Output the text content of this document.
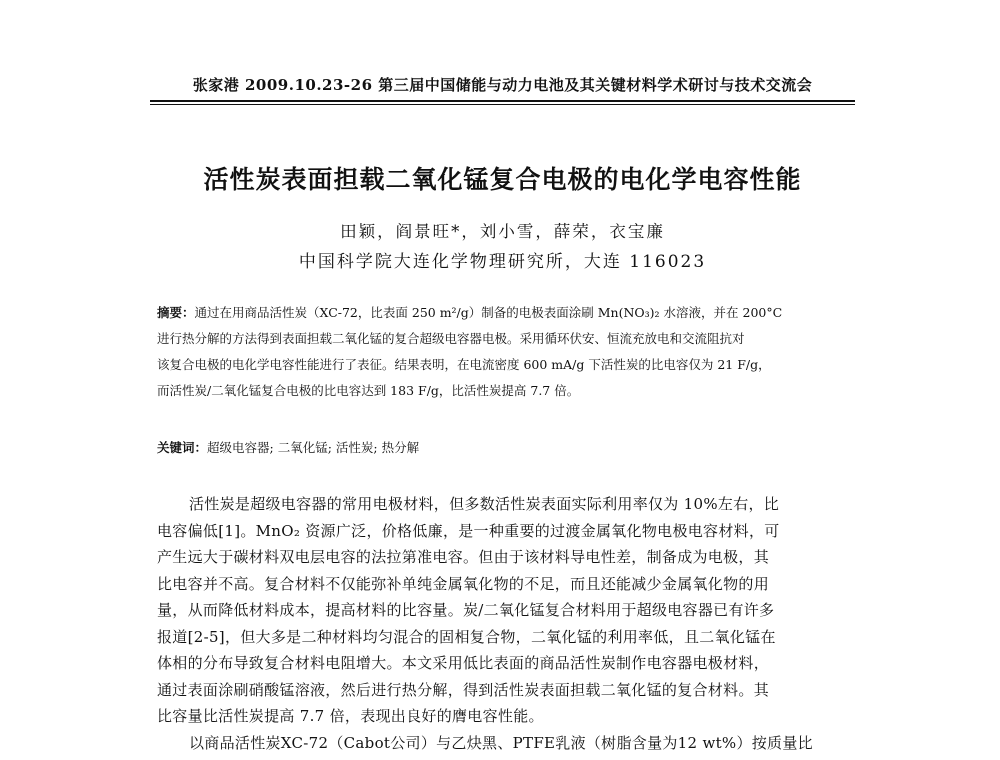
张家港 2009.10.23-26 第三届中国储能与动力电池及其关键材料学术研讨与技术交流会
活性炭表面担载二氧化锰复合电极的电化学电容性能
田颖，阎景旺*，刘小雪，薛荣，衣宝廉
中国科学院大连化学物理研究所，大连 116023
摘要：通过在用商品活性炭（XC-72，比表面 250 m²/g）制备的电极表面涂刷 Mn(NO₃)₂ 水溶液，并在 200°C
进行热分解的方法得到表面担载二氧化锰的复合超级电容器电极。采用循环伏安、恒流充放电和交流阻抗对
该复合电极的电化学电容性能进行了表征。结果表明，在电流密度 600 mA/g 下活性炭的比电容仅为 21 F/g，
而活性炭/二氧化锰复合电极的比电容达到 183 F/g，比活性炭提高 7.7 倍。
关键词：超级电容器; 二氧化锰; 活性炭; 热分解
活性炭是超级电容器的常用电极材料，但多数活性炭表面实际利用率仅为 10%左右，比
电容偏低[1]。MnO₂ 资源广泛，价格低廉，是一种重要的过渡金属氧化物电极电容材料，可
产生远大于碳材料双电层电容的法拉第准电容。但由于该材料导电性差，制备成为电极，其
比电容并不高。复合材料不仅能弥补单纯金属氧化物的不足，而且还能减少金属氧化物的用
量，从而降低材料成本，提高材料的比容量。炭/二氧化锰复合材料用于超级电容器已有许多
报道[2-5]，但大多是二种材料均匀混合的固相复合物，二氧化锰的利用率低，且二氧化锰在
体相的分布导致复合材料电阻增大。本文采用低比表面的商品活性炭制作电容器电极材料，
通过表面涂刷硝酸锰溶液，然后进行热分解，得到活性炭表面担载二氧化锰的复合材料。其
比容量比活性炭提高 7.7 倍，表现出良好的膺电容性能。
以商品活性炭XC-72（Cabot公司）与乙炔黑、PTFE乳液（树脂含量为12 wt%）按质量比
